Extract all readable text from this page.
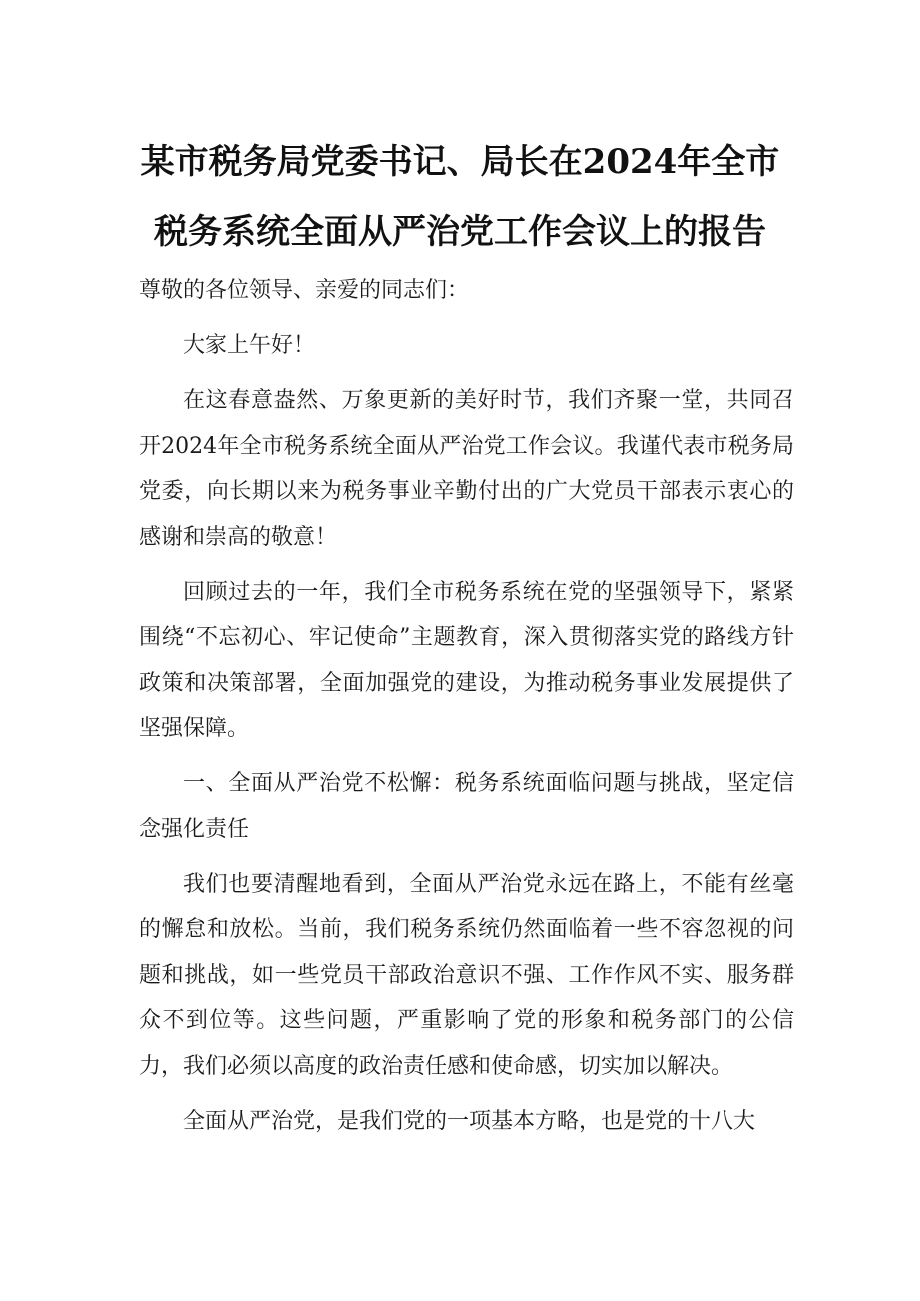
某市税务局党委书记、局长在2024年全市
税务系统全面从严治党工作会议上的报告

尊敬的各位领导、亲爱的同志们：

大家上午好！

在这春意盎然、万象更新的美好时节，我们齐聚一堂，共同召开2024年全市税务系统全面从严治党工作会议。我谨代表市税务局党委，向长期以来为税务事业辛勤付出的广大党员干部表示衷心的感谢和崇高的敬意！

回顾过去的一年，我们全市税务系统在党的坚强领导下，紧紧围绕“不忘初心、牢记使命”主题教育，深入贯彻落实党的路线方针政策和决策部署，全面加强党的建设，为推动税务事业发展提供了坚强保障。

一、全面从严治党不松懈：税务系统面临问题与挑战，坚定信念强化责任

我们也要清醒地看到，全面从严治党永远在路上，不能有丝毫的懈怠和放松。当前，我们税务系统仍然面临着一些不容忽视的问题和挑战，如一些党员干部政治意识不强、工作作风不实、服务群众不到位等。这些问题，严重影响了党的形象和税务部门的公信力，我们必须以高度的政治责任感和使命感，切实加以解决。

全面从严治党，是我们党的一项基本方略，也是党的十八大
